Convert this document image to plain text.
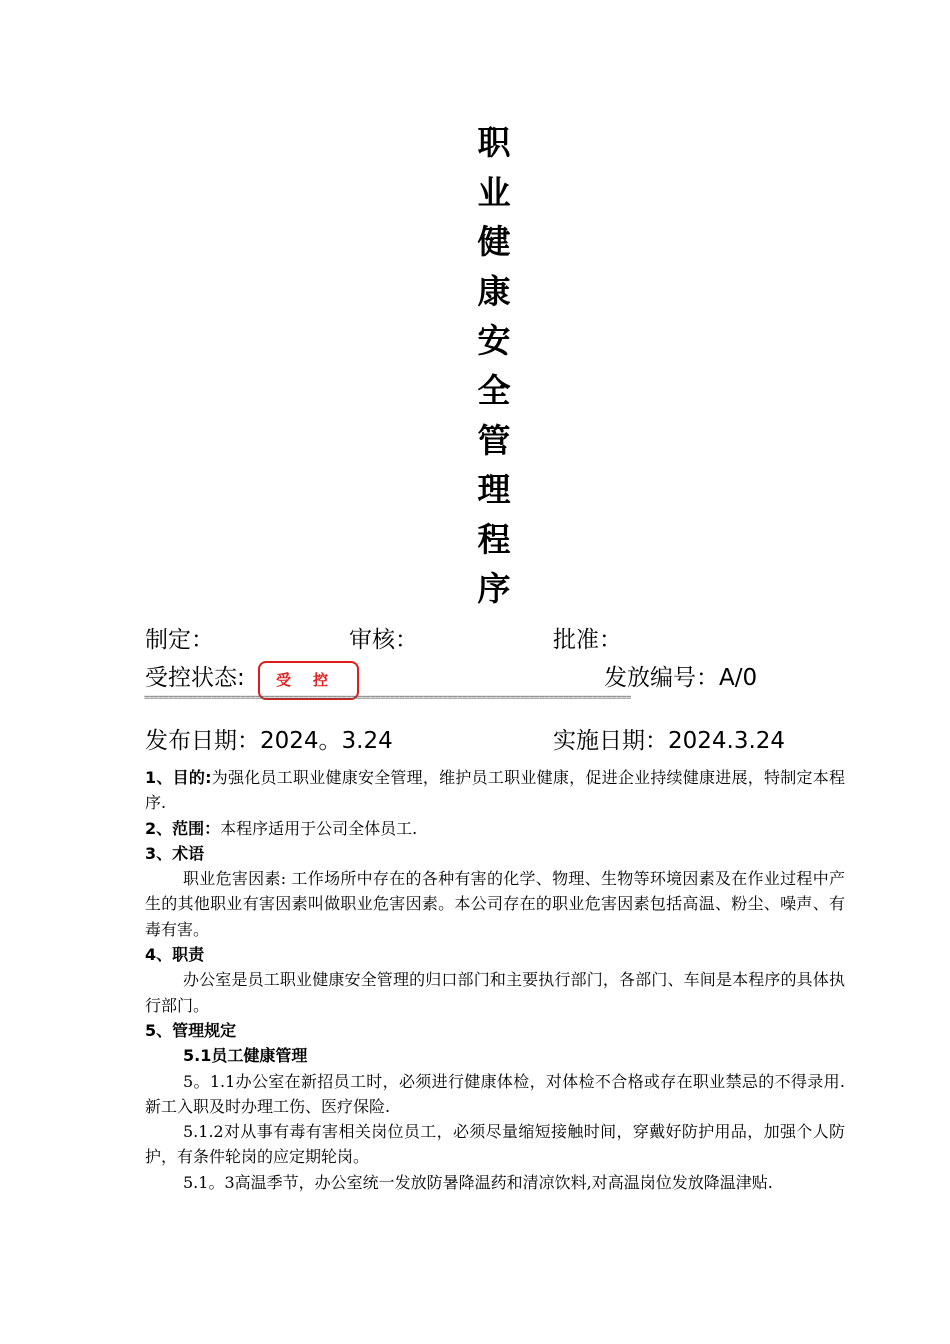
职
业
健
康
安
全
管
理
程
序
制定：	审核：	批准：
受控状态:	受 控	发放编号：A/0
=====================================================================================================
发布日期：2024。3.24	实施日期：2024.3.24

1、目的:为强化员工职业健康安全管理，维护员工职业健康，促进企业持续健康进展，特制定本程序.

2、范围：本程序适用于公司全体员工.

3、术语

职业危害因素: 工作场所中存在的各种有害的化学、物理、生物等环境因素及在作业过程中产生的其他职业有害因素叫做职业危害因素。本公司存在的职业危害因素包括高温、粉尘、噪声、有毒有害。

4、职责

办公室是员工职业健康安全管理的归口部门和主要执行部门，各部门、车间是本程序的具体执行部门。

5、管理规定

5.1员工健康管理

5。1.1办公室在新招员工时，必须进行健康体检，对体检不合格或存在职业禁忌的不得录用.新工入职及时办理工伤、医疗保险.

5.1.2对从事有毒有害相关岗位员工，必须尽量缩短接触时间，穿戴好防护用品，加强个人防护，有条件轮岗的应定期轮岗。

5.1。3高温季节，办公室统一发放防暑降温药和清凉饮料,对高温岗位发放降温津贴.
